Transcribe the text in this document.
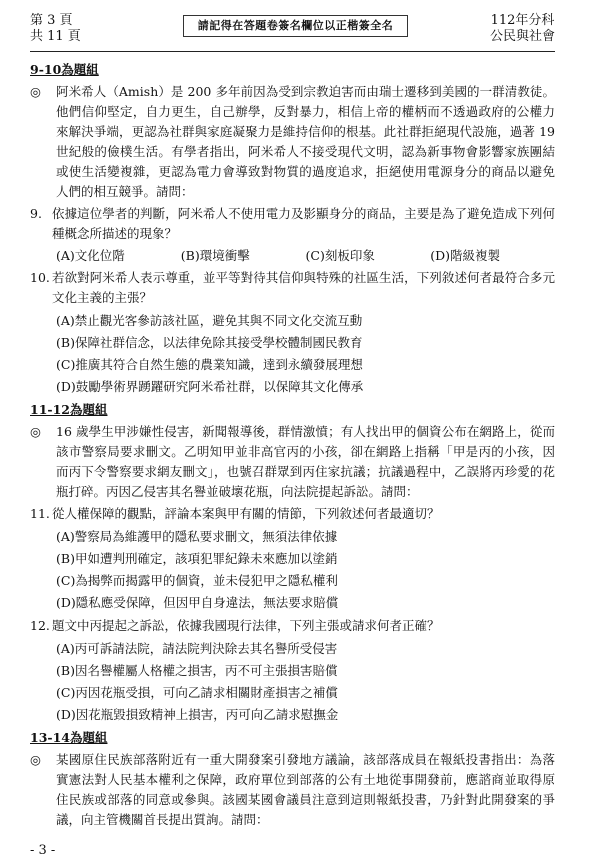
第 3 頁
共 11 頁
請記得在答題卷簽名欄位以正楷簽全名	112年分科
公民與社會
9-10為題組
◎	阿米希人（Amish）是 200 多年前因為受到宗教迫害而由瑞士遷移到美國的一群清教徒。他們信仰堅定，自力更生，自己辦學，反對暴力，相信上帝的權柄而不透過政府的公權力來解決爭端，更認為社群與家庭凝聚力是維持信仰的根基。此社群拒絕現代設施，過著 19 世紀般的儉樸生活。有學者指出，阿米希人不接受現代文明，認為新事物會影響家族團結或使生活變複雜，更認為電力會導致對物質的過度追求，拒絕使用電源身分的商品以避免人們的相互競爭。請問：
9. 依據這位學者的判斷，阿米希人不使用電力及影顯身分的商品，主要是為了避免造成下列何種概念所描述的現象？
(A)文化位階	(B)環境衝擊	(C)刻板印象	(D)階級複製
10. 若欲對阿米希人表示尊重，並平等對待其信仰與特殊的社區生活，下列敘述何者最符合多元文化主義的主張？
(A)禁止觀光客參訪該社區，避免其與不同文化交流互動
(B)保障社群信念，以法律免除其接受學校體制國民教育
(C)推廣其符合自然生態的農業知識，達到永續發展理想
(D)鼓勵學術界踴躍研究阿米希社群，以保障其文化傳承
11-12為題組
◎	16 歲學生甲涉嫌性侵害，新聞報導後，群情激憤；有人找出甲的個資公布在網路上，從而該市警察局要求刪文。乙明知甲並非高官丙的小孩，卻在網路上指稱「甲是丙的小孩，因而丙下令警察要求網友刪文」，也號召群眾到丙住家抗議；抗議過程中，乙誤將丙珍愛的花瓶打碎。丙因乙侵害其名譽並破壞花瓶，向法院提起訴訟。請問：
11. 從人權保障的觀點，評論本案與甲有關的情節，下列敘述何者最適切？
(A)警察局為維護甲的隱私要求刪文，無須法律依據
(B)甲如遭判刑確定，該項犯罪紀錄未來應加以塗銷
(C)為揭弊而揭露甲的個資，並未侵犯甲之隱私權利
(D)隱私應受保障，但因甲自身違法，無法要求賠償
12. 題文中丙提起之訴訟，依據我國現行法律，下列主張或請求何者正確？
(A)丙可訴請法院，請法院判決除去其名譽所受侵害
(B)因名譽權屬人格權之損害，丙不可主張損害賠償
(C)丙因花瓶受損，可向乙請求相關財產損害之補償
(D)因花瓶毀損致精神上損害，丙可向乙請求慰撫金
13-14為題組
◎	某國原住民族部落附近有一重大開發案引發地方議論，該部落成員在報紙投書指出：為落實憲法對人民基本權利之保障，政府單位到部落的公有土地從事開發前，應諮商並取得原住民族或部落的同意或參與。該國某國會議員注意到這則報紙投書，乃針對此開發案的爭議，向主管機關首長提出質詢。請問：
- 3 -
